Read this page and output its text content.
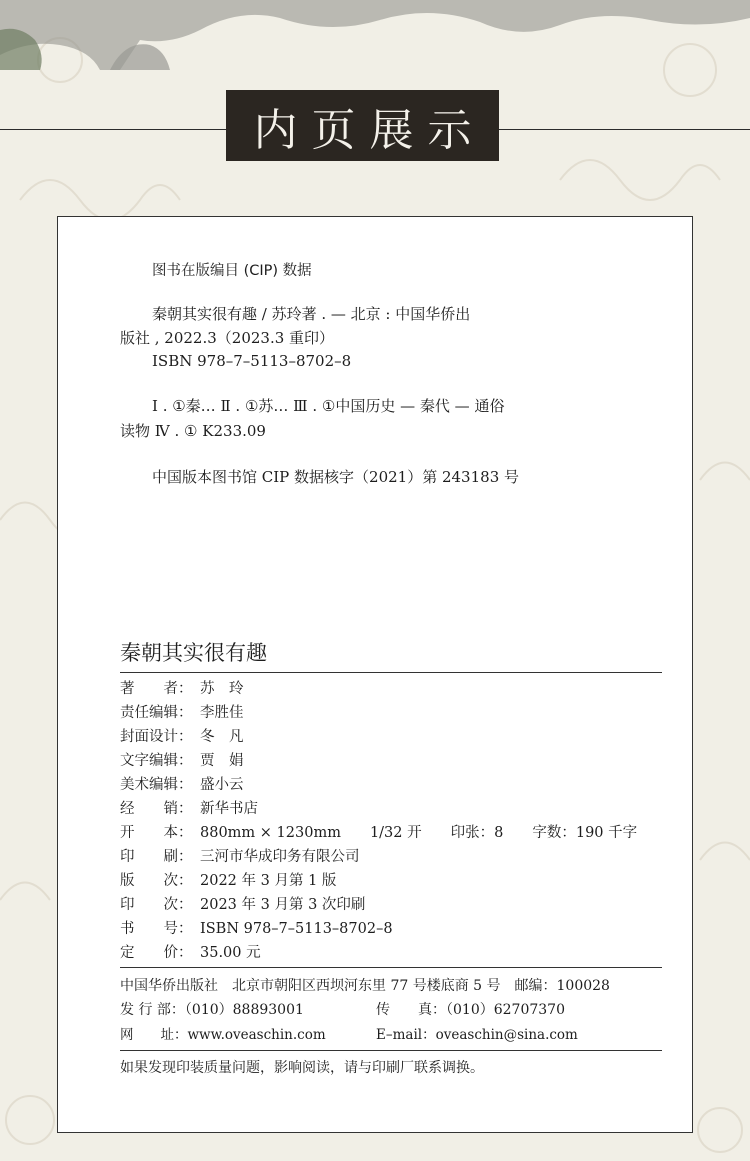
内页展示
图书在版编目 (CIP) 数据
秦朝其实很有趣 / 苏玲著 . — 北京 : 中国华侨出
版社 , 2022.3（2023.3 重印）
ISBN 978–7–5113–8702–8
Ⅰ . ①秦… Ⅱ . ①苏… Ⅲ . ①中国历史 — 秦代 — 通俗
读物 Ⅳ . ① K233.09
中国版本图书馆 CIP 数据核字（2021）第 243183 号
秦朝其实很有趣
著　　者： 苏　玲
责任编辑： 李胜佳
封面设计： 冬　凡
文字编辑： 贾　娟
美术编辑： 盛小云
经　　销： 新华书店
开　　本： 880mm × 1230mm　　1/32 开　　印张：8　　字数：190 千字
印　　刷： 三河市华成印务有限公司
版　　次： 2022 年 3 月第 1 版
印　　次： 2023 年 3 月第 3 次印刷
书　　号： ISBN 978–7–5113–8702–8
定　　价： 35.00 元
中国华侨出版社　北京市朝阳区西坝河东里 77 号楼底商 5 号　邮编：100028
发 行 部：（010）88893001	传　　真：（010）62707370
网　　址：www.oveaschin.com	E–mail：oveaschin@sina.com
如果发现印装质量问题，影响阅读，请与印刷厂联系调换。
